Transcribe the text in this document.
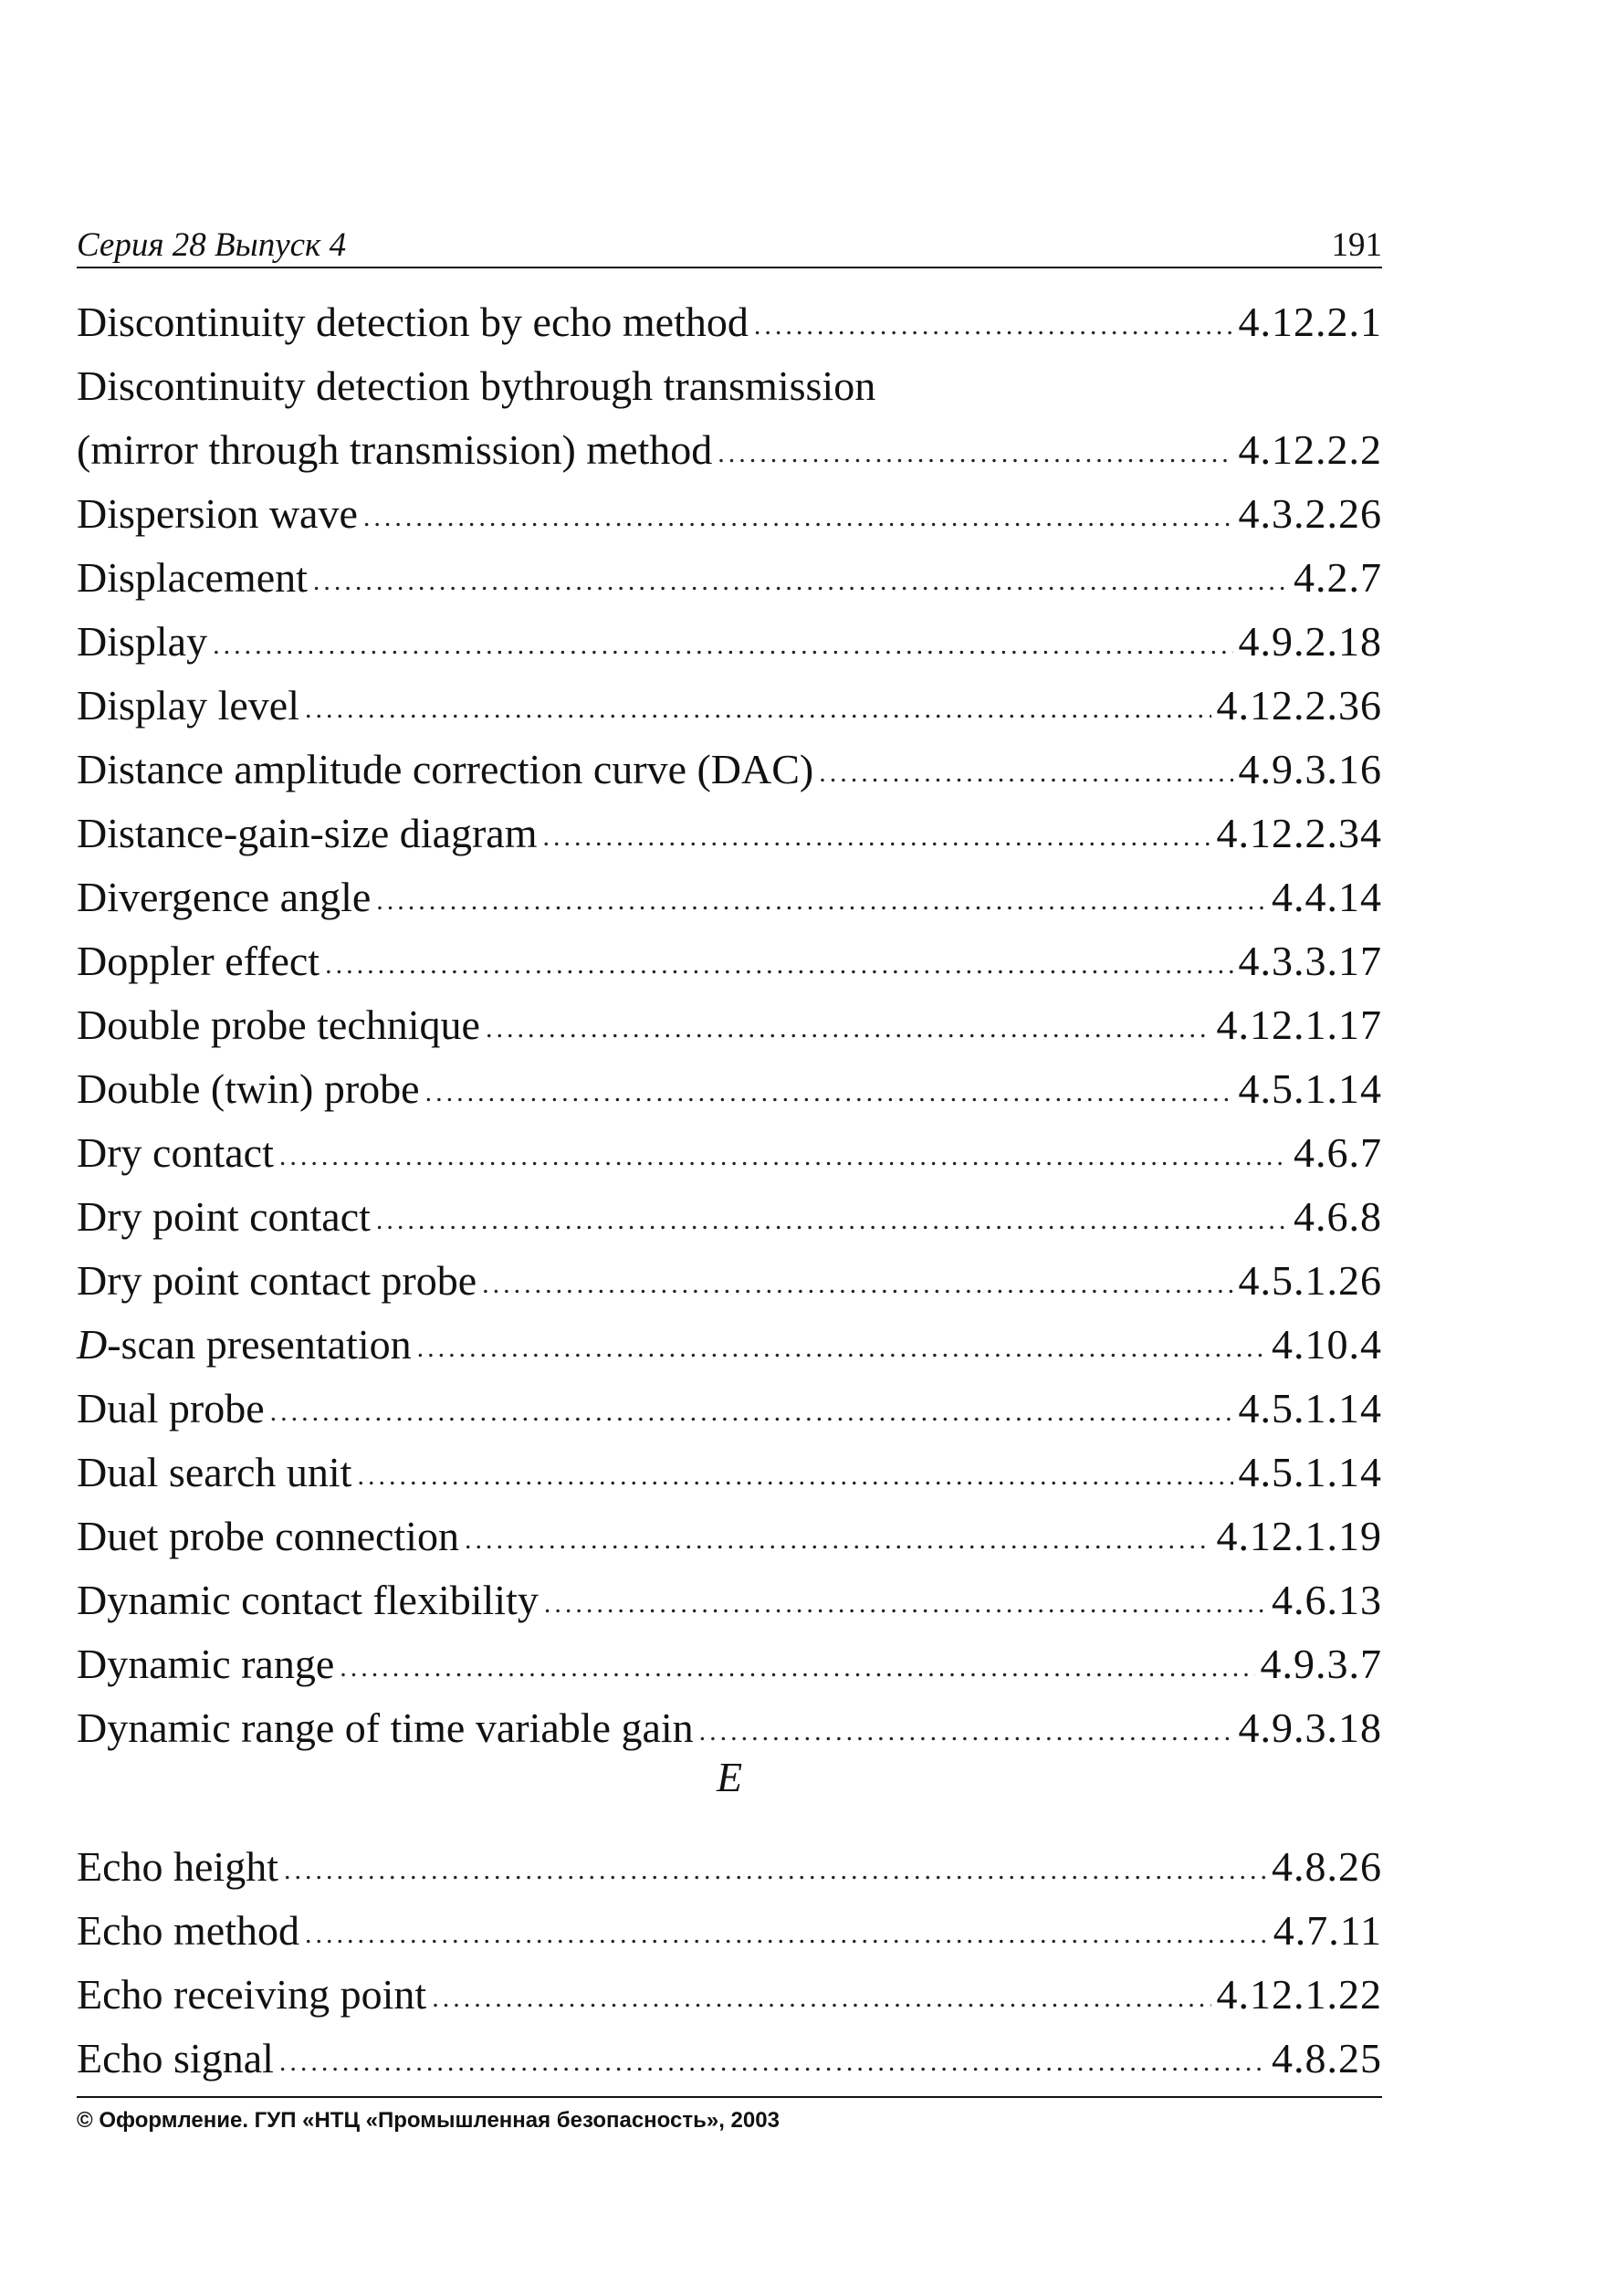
Серия 28 Выпуск 4	191
Discontinuity detection by echo method .....	4.12.2.1
Discontinuity detection bythrough transmission
(mirror through transmission) method .....	4.12.2.2
Dispersion wave .....	4.3.2.26
Displacement .....	4.2.7
Display .....	4.9.2.18
Display level .....	4.12.2.36
Distance amplitude correction curve (DAC) .....	4.9.3.16
Distance-gain-size diagram .....	4.12.2.34
Divergence angle .....	4.4.14
Doppler effect .....	4.3.3.17
Double probe technique .....	4.12.1.17
Double (twin) probe .....	4.5.1.14
Dry contact .....	4.6.7
Dry point contact .....	4.6.8
Dry point contact probe .....	4.5.1.26
D-scan presentation .....	4.10.4
Dual probe .....	4.5.1.14
Dual search unit .....	4.5.1.14
Duet probe connection .....	4.12.1.19
Dynamic contact flexibility .....	4.6.13
Dynamic range .....	4.9.3.7
Dynamic range of time variable gain .....	4.9.3.18
E
Echo height .....	4.8.26
Echo method .....	4.7.11
Echo receiving point .....	4.12.1.22
Echo signal .....	4.8.25
© Оформление. ГУП «НТЦ «Промышленная безопасность», 2003
